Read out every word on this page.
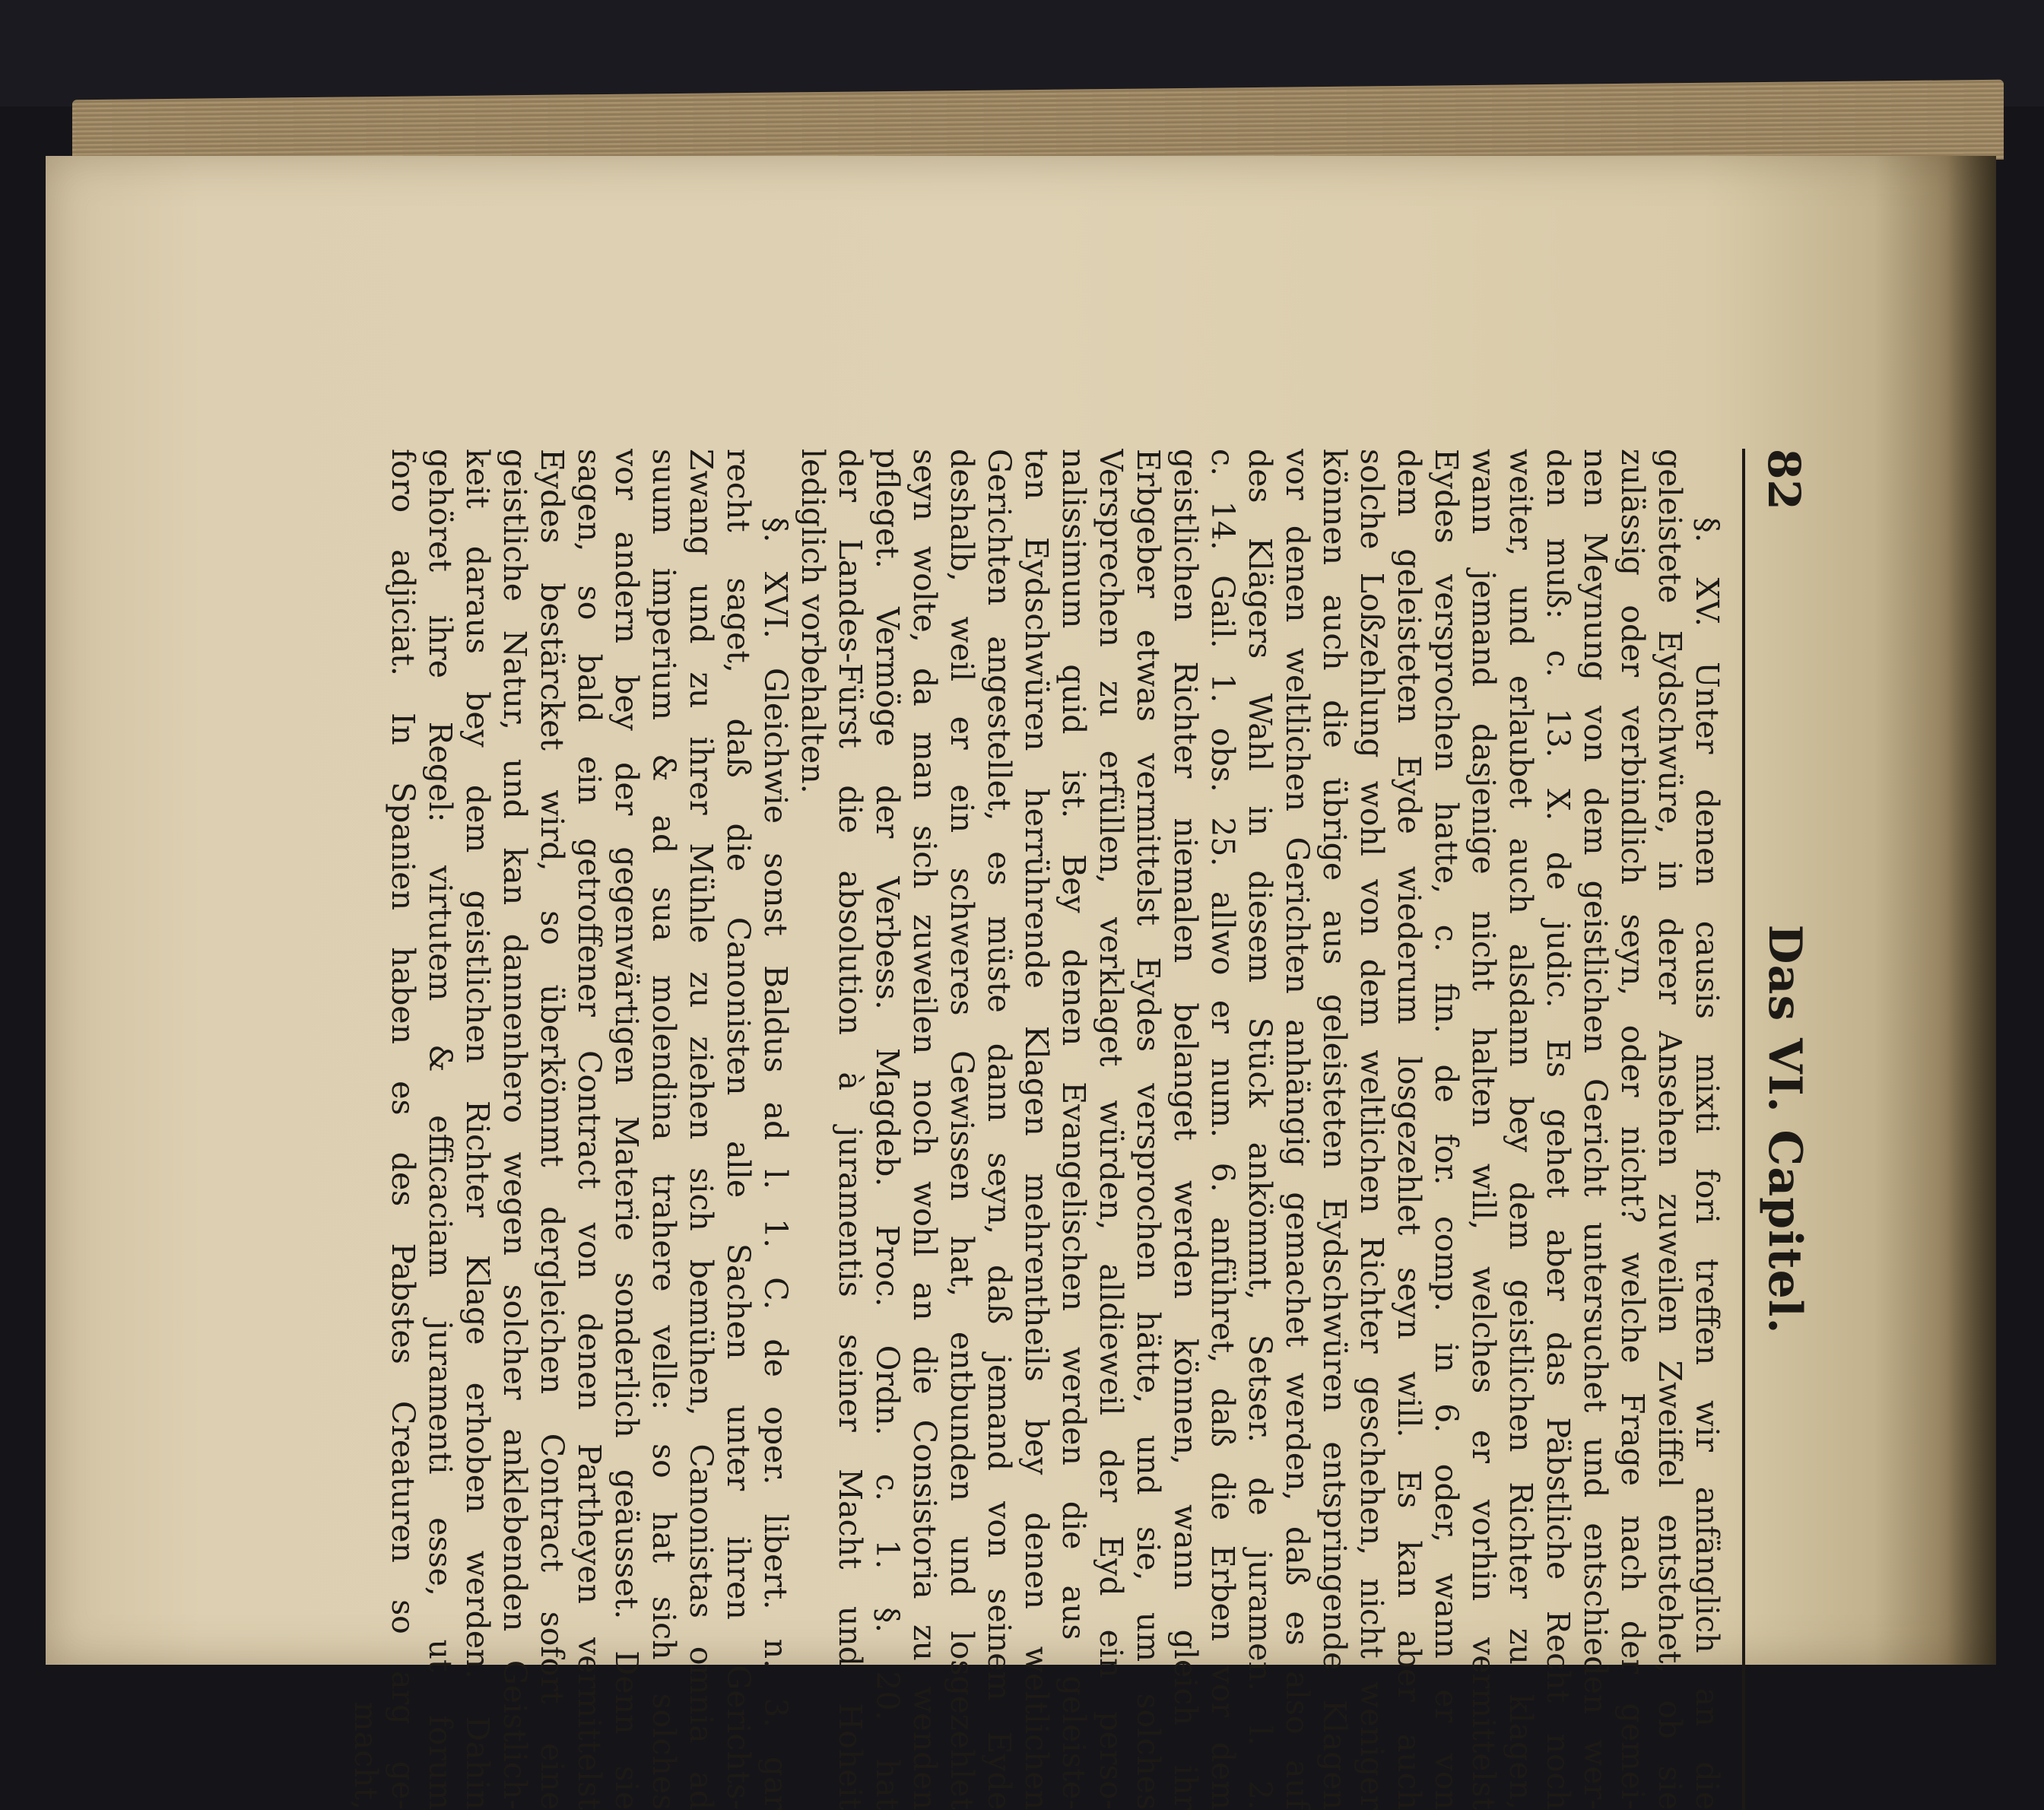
82
Das VI. Capitel.
§. XV. Unter denen causis mixti fori treffen wir anfänglich an die
geleistete Eydschwüre, in derer Ansehen zuweilen Zweiffel entstehet, ob sie
zulässig oder verbindlich seyn, oder nicht? welche Frage nach der gemei-
nen Meynung von dem geistlichen Gericht untersuchet und entschieden wer-
den muß: c. 13. X. de judic. Es gehet aber das Päbstliche Recht noch
weiter, und erlaubet auch alsdann bey dem geistlichen Richter zu klagen,
wann jemand dasjenige nicht halten will, welches er vorhin vermittelst
Eydes versprochen hatte, c. fin. de for. comp. in 6. oder, wann er von
dem geleisteten Eyde wiederum losgezehlet seyn will. Es kan aber auch
solche Loßzehlung wohl von dem weltlichen Richter geschehen, nicht weniger
können auch die übrige aus geleisteten Eydschwüren entspringende Klagen
vor denen weltlichen Gerichten anhängig gemachet werden, daß es also auf
des Klägers Wahl in diesem Stück ankömmt, Setser. de juramen. l. 2.
c. 14. Gail. 1. obs. 25. allwo er num. 6. anführet, daß die Erben vor dem
geistlichen Richter niemalen belanget werden können, wann gleich ihr
Erbgeber etwas vermittelst Eydes versprochen hätte, und sie, um solches
Versprechen zu erfüllen, verklaget würden, alldieweil der Eyd ein perso-
nalissimum quid ist. Bey denen Evangelischen werden die aus geleiste-
ten Eydschwüren herrührende Klagen mehrentheils bey denen weltlichen
Gerichten angestellet, es müste dann seyn, daß jemand von seinem Eyde
deshalb, weil er ein schweres Gewissen hat, entbunden und losgezehlet
seyn wolte, da man sich zuweilen noch wohl an die Consistoria zu wenden
pfleget. Vermöge der Verbess. Magdeb. Proc. Ordn. c. 1. §. 20. hat
der Landes-Fürst die absolution à juramentis seiner Macht und Hoheit
lediglich vorbehalten.
§. XVI. Gleichwie sonst Baldus ad l. 1. C. de oper. libert. n. 3. gar
recht saget, daß die Canonisten alle Sachen unter ihren Gerichts-
Zwang und zu ihrer Mühle zu ziehen sich bemühen, Canonistas omnia ad
suum imperium & ad sua molendina trahere velle: so hat sich solches
vor andern bey der gegenwärtigen Materie sonderlich geäusset. Denn sie
sagen, so bald ein getroffener Contract von denen Partheyen vermittelst
Eydes bestärcket wird, so überkömmt dergleichen Contract sofort eine
geistliche Natur, und kan dannenhero wegen solcher anklebenden Geistlich-
keit daraus bey dem geistlichen Richter Klage erhoben werden. Dahin
gehöret ihre Regel: virtutem & efficaciam juramenti esse, ut forum
foro adjiciat. In Spanien haben es des Pabstes Creaturen so arg ge-
macht,
